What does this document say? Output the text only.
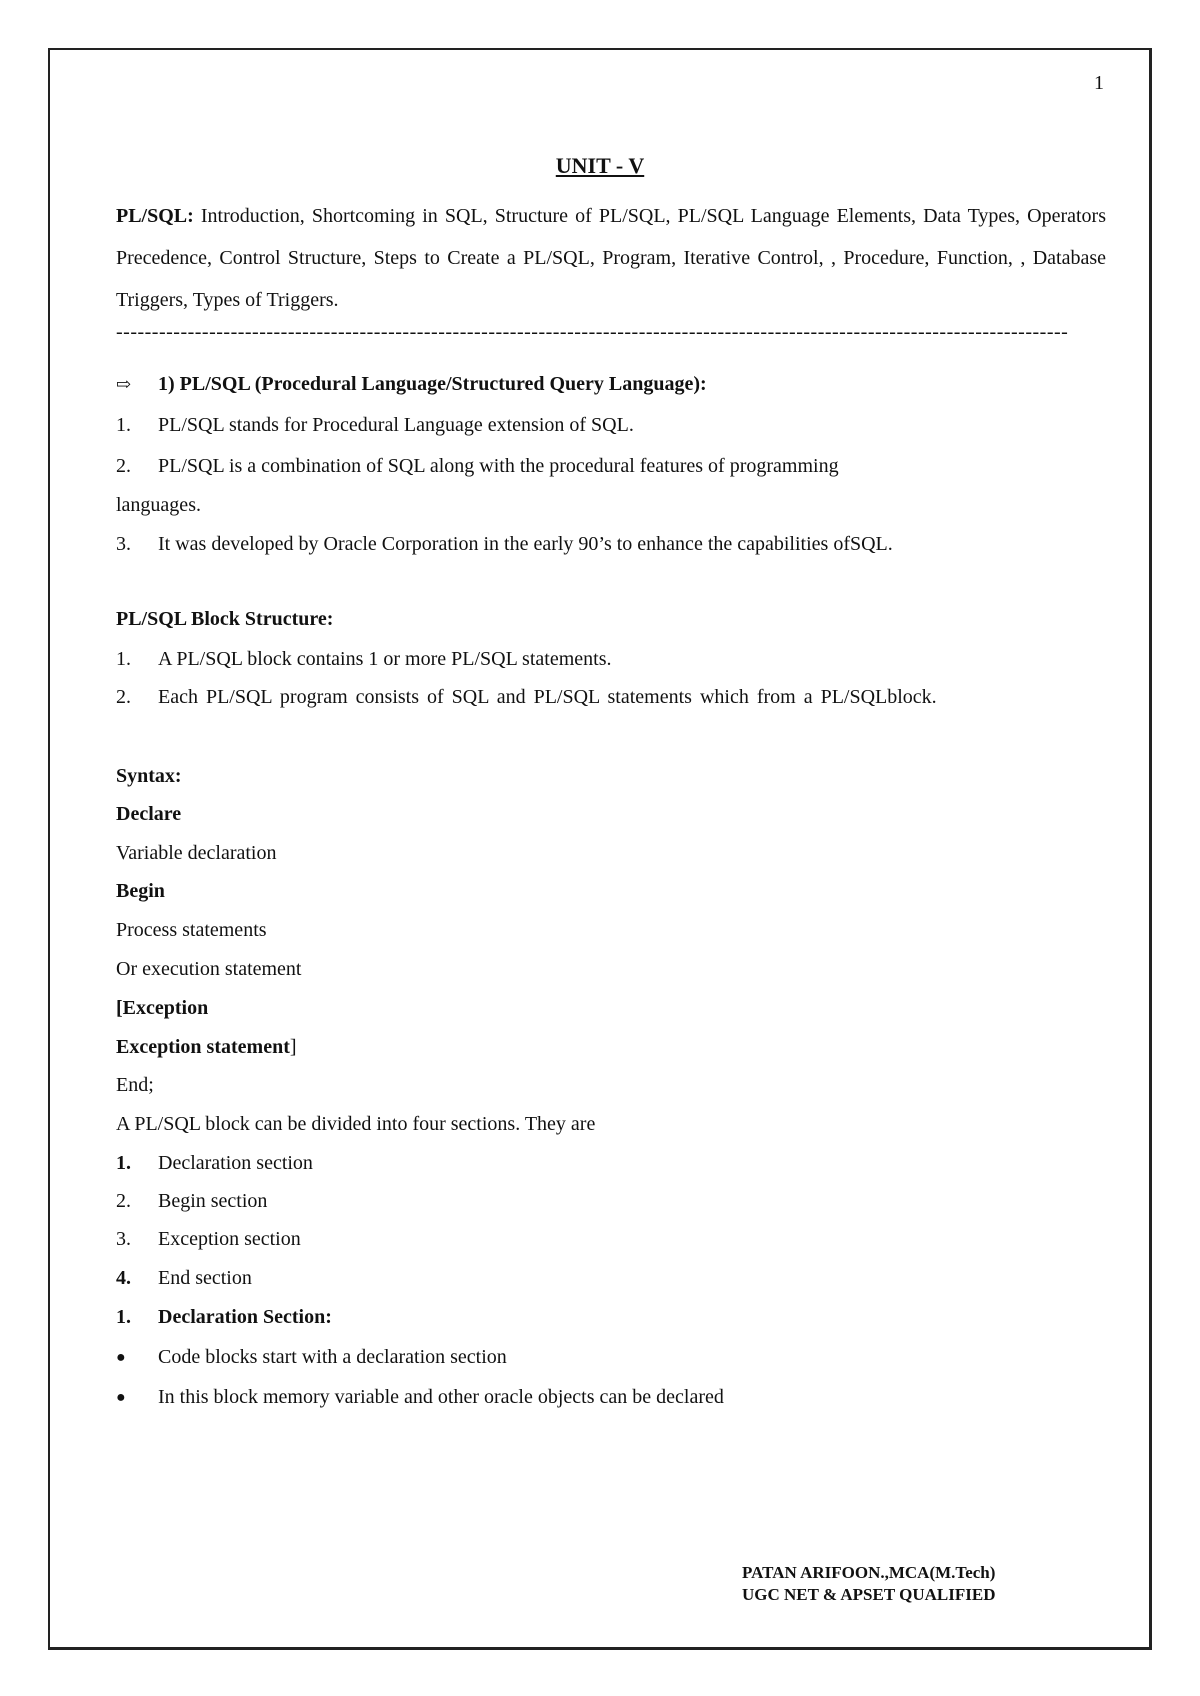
1
UNIT - V
PL/SQL: Introduction, Shortcoming in SQL, Structure of PL/SQL, PL/SQL Language Elements, Data Types, Operators Precedence, Control Structure, Steps to Create a PL/SQL, Program, Iterative Control, , Procedure, Function, , Database Triggers, Types of Triggers.
-------------------------------------------------------------------------------------------------------------------------------------
⇨ 1) PL/SQL (Procedural Language/Structured Query Language):
1. PL/SQL stands for Procedural Language extension of SQL.
2. PL/SQL is a combination of SQL along with the procedural features of programming
languages.
3. It was developed by Oracle Corporation in the early 90’s to enhance the capabilities ofSQL.
PL/SQL Block Structure:
1. A PL/SQL block contains 1 or more PL/SQL statements.
2. Each PL/SQL program consists of SQL and PL/SQL statements which from a PL/SQLblock.
Syntax:
Declare
Variable declaration
Begin
Process statements
Or execution statement
[Exception
Exception statement]
End;
A PL/SQL block can be divided into four sections. They are
1. Declaration section
2. Begin section
3. Exception section
4. End section
1. Declaration Section:
● Code blocks start with a declaration section
● In this block memory variable and other oracle objects can be declared
PATAN ARIFOON.,MCA(M.Tech)
UGC NET & APSET QUALIFIED
